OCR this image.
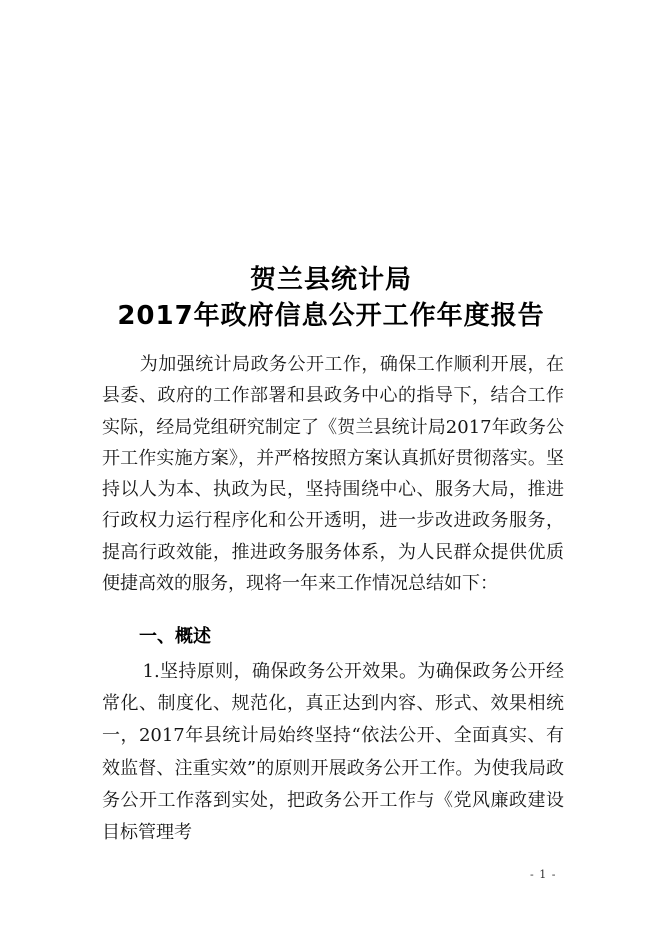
贺兰县统计局
2017年政府信息公开工作年度报告

为加强统计局政务公开工作，确保工作顺利开展，在县委、政府的工作部署和县政务中心的指导下，结合工作实际，经局党组研究制定了《贺兰县统计局2017年政务公开工作实施方案》，并严格按照方案认真抓好贯彻落实。坚持以人为本、执政为民，坚持围绕中心、服务大局，推进行政权力运行程序化和公开透明，进一步改进政务服务，提高行政效能，推进政务服务体系，为人民群众提供优质便捷高效的服务，现将一年来工作情况总结如下：

一、概述

1.坚持原则，确保政务公开效果。为确保政务公开经常化、制度化、规范化，真正达到内容、形式、效果相统一，2017年县统计局始终坚持“依法公开、全面真实、有效监督、注重实效”的原则开展政务公开工作。为使我局政务公开工作落到实处，把政务公开工作与《党风廉政建设目标管理考

- 1 -
